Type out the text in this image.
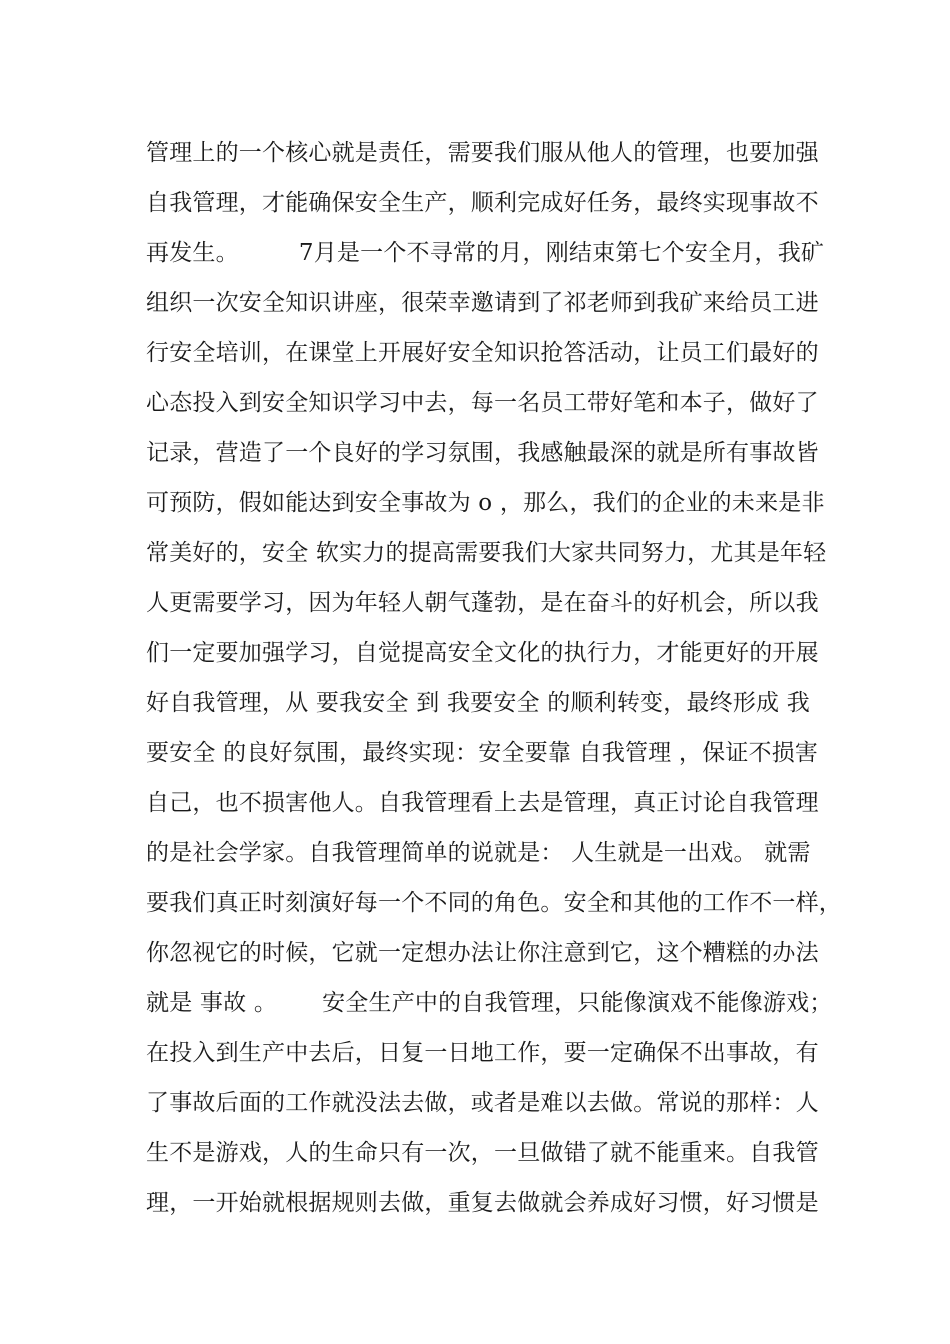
管理上的一个核心就是责任，需要我们服从他人的管理，也要加强
自我管理，才能确保安全生产，顺利完成好任务，最终实现事故不
再发生。        7月是一个不寻常的月，刚结束第七个安全月，我矿
组织一次安全知识讲座，很荣幸邀请到了祁老师到我矿来给员工进
行安全培训，在课堂上开展好安全知识抢答活动，让员工们最好的
心态投入到安全知识学习中去，每一名员工带好笔和本子，做好了
记录，营造了一个良好的学习氛围，我感触最深的就是所有事故皆
可预防，假如能达到安全事故为 o ，那么，我们的企业的未来是非
常美好的，安全 软实力的提高需要我们大家共同努力，尤其是年轻
人更需要学习，因为年轻人朝气蓬勃，是在奋斗的好机会，所以我
们一定要加强学习，自觉提高安全文化的执行力，才能更好的开展
好自我管理，从 要我安全 到 我要安全 的顺利转变，最终形成 我
要安全 的良好氛围，最终实现：安全要靠 自我管理 ，保证不损害
自己，也不损害他人。自我管理看上去是管理，真正讨论自我管理
的是社会学家。自我管理简单的说就是： 人生就是一出戏。 就需
要我们真正时刻演好每一个不同的角色。安全和其他的工作不一样，
你忽视它的时候，它就一定想办法让你注意到它，这个糟糕的办法
就是 事故 。      安全生产中的自我管理，只能像演戏不能像游戏；
在投入到生产中去后，日复一日地工作，要一定确保不出事故，有
了事故后面的工作就没法去做，或者是难以去做。常说的那样：人
生不是游戏，人的生命只有一次，一旦做错了就不能重来。自我管
理，一开始就根据规则去做，重复去做就会养成好习惯，好习惯是
